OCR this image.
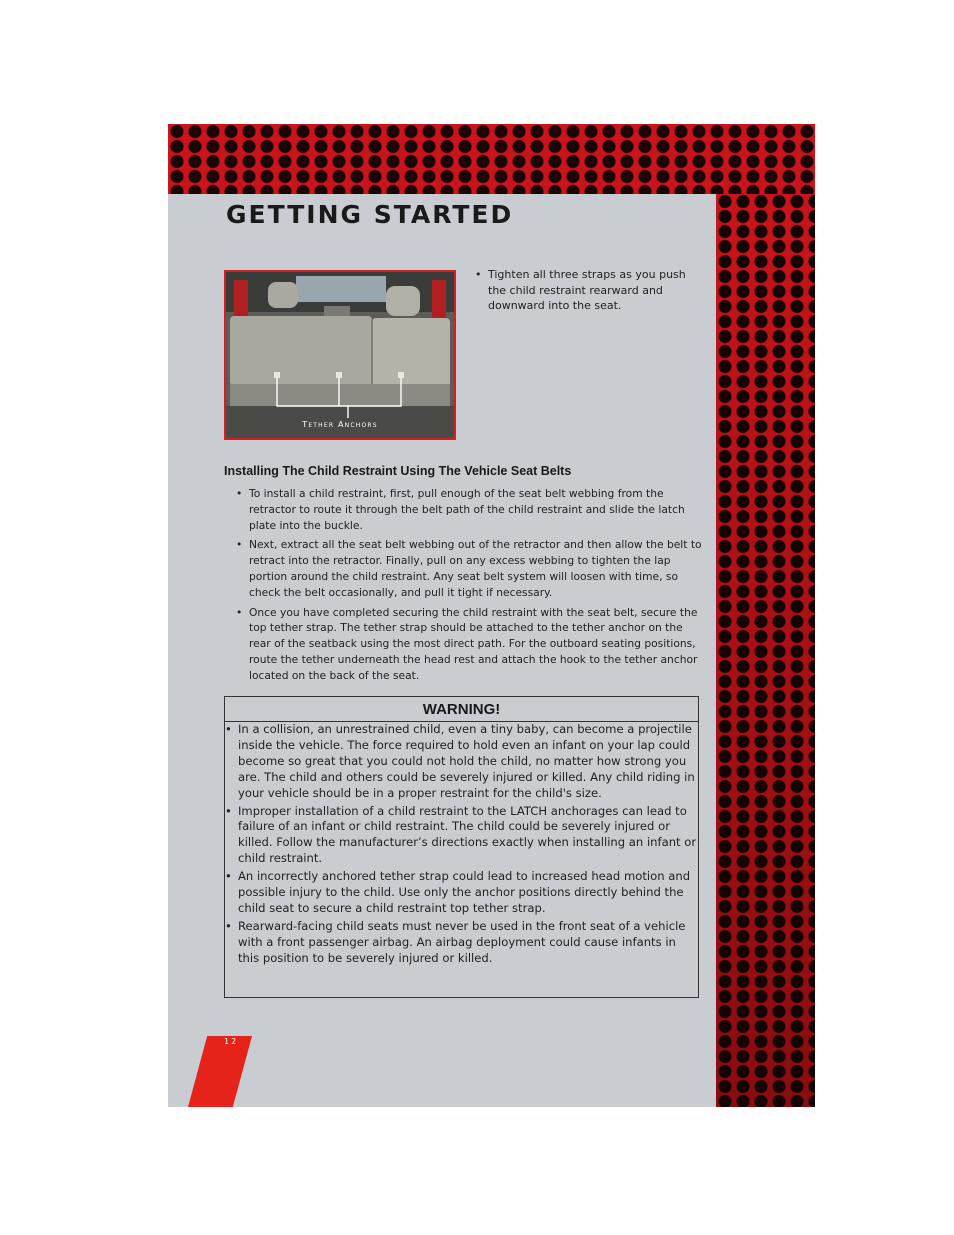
GETTING STARTED
Tether Anchors
• Tighten all three straps as you push the child restraint rearward and downward into the seat.
Installing The Child Restraint Using The Vehicle Seat Belts
• To install a child restraint, first, pull enough of the seat belt webbing from the retractor to route it through the belt path of the child restraint and slide the latch plate into the buckle.
• Next, extract all the seat belt webbing out of the retractor and then allow the belt to retract into the retractor. Finally, pull on any excess webbing to tighten the lap portion around the child restraint. Any seat belt system will loosen with time, so check the belt occasionally, and pull it tight if necessary.
• Once you have completed securing the child restraint with the seat belt, secure the top tether strap. The tether strap should be attached to the tether anchor on the rear of the seatback using the most direct path. For the outboard seating positions, route the tether underneath the head rest and attach the hook to the tether anchor located on the back of the seat.
WARNING!
• In a collision, an unrestrained child, even a tiny baby, can become a projectile inside the vehicle. The force required to hold even an infant on your lap could become so great that you could not hold the child, no matter how strong you are. The child and others could be severely injured or killed. Any child riding in your vehicle should be in a proper restraint for the child's size.
• Improper installation of a child restraint to the LATCH anchorages can lead to failure of an infant or child restraint. The child could be severely injured or killed. Follow the manufacturer’s directions exactly when installing an infant or child restraint.
• An incorrectly anchored tether strap could lead to increased head motion and possible injury to the child. Use only the anchor positions directly behind the child seat to secure a child restraint top tether strap.
• Rearward-facing child seats must never be used in the front seat of a vehicle with a front passenger airbag. An airbag deployment could cause infants in this position to be severely injured or killed.
12
